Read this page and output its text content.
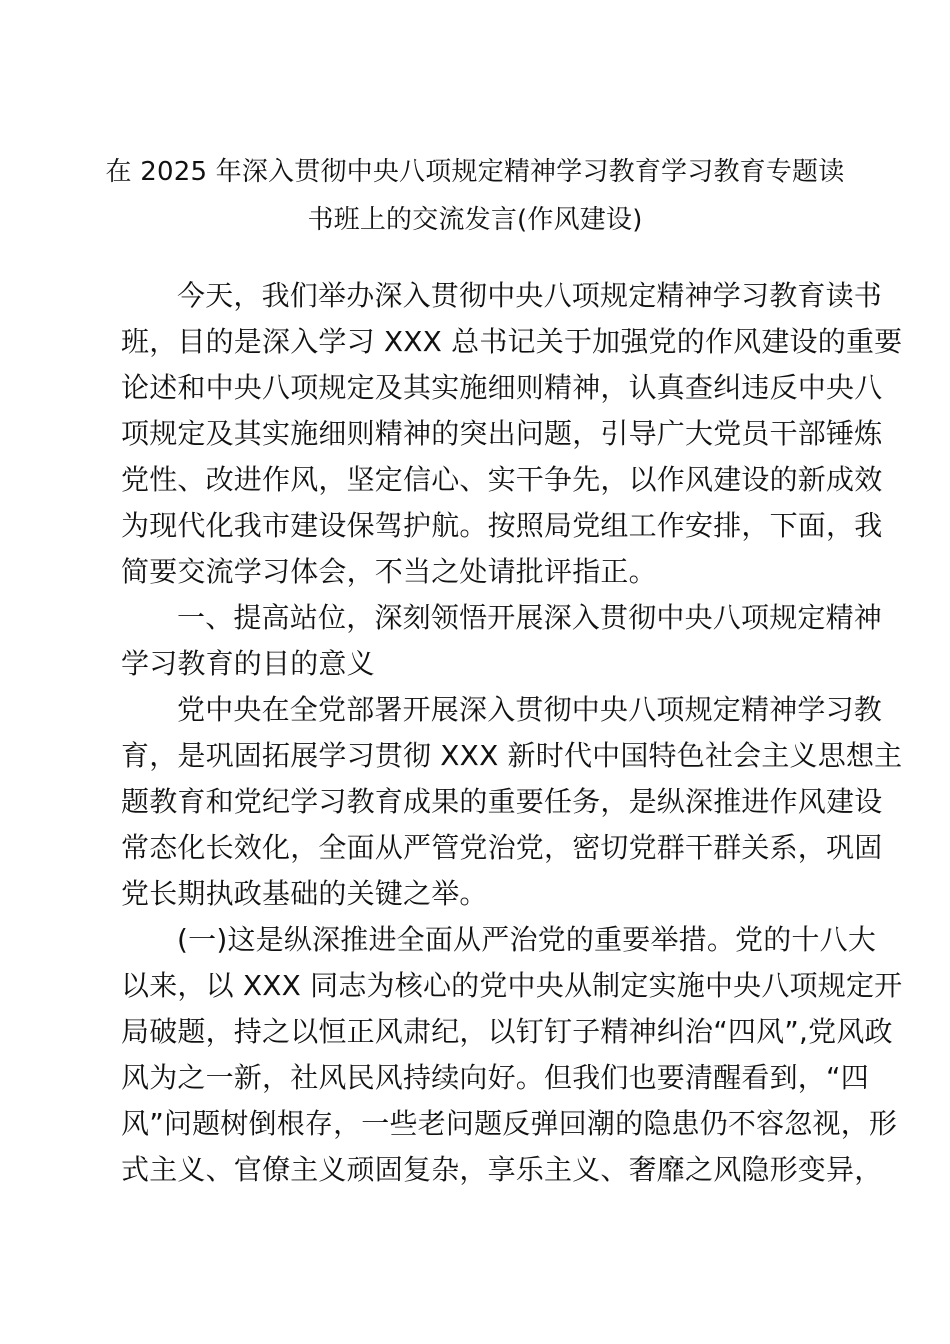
在 2025 年深入贯彻中央八项规定精神学习教育学习教育专题读
书班上的交流发言(作风建设)
今天，我们举办深入贯彻中央八项规定精神学习教育读书
班，目的是深入学习 XXX 总书记关于加强党的作风建设的重要
论述和中央八项规定及其实施细则精神，认真查纠违反中央八
项规定及其实施细则精神的突出问题，引导广大党员干部锤炼
党性、改进作风，坚定信心、实干争先，以作风建设的新成效
为现代化我市建设保驾护航。按照局党组工作安排，下面，我
简要交流学习体会，不当之处请批评指正。
一、提高站位，深刻领悟开展深入贯彻中央八项规定精神
学习教育的目的意义
党中央在全党部署开展深入贯彻中央八项规定精神学习教
育，是巩固拓展学习贯彻 XXX 新时代中国特色社会主义思想主
题教育和党纪学习教育成果的重要任务，是纵深推进作风建设
常态化长效化，全面从严管党治党，密切党群干群关系，巩固
党长期执政基础的关键之举。
(一)这是纵深推进全面从严治党的重要举措。党的十八大
以来，以 XXX 同志为核心的党中央从制定实施中央八项规定开
局破题，持之以恒正风肃纪，以钉钉子精神纠治“四风”,党风政
风为之一新，社风民风持续向好。但我们也要清醒看到，“四
风”问题树倒根存，一些老问题反弹回潮的隐患仍不容忽视，形
式主义、官僚主义顽固复杂，享乐主义、奢靡之风隐形变异，
